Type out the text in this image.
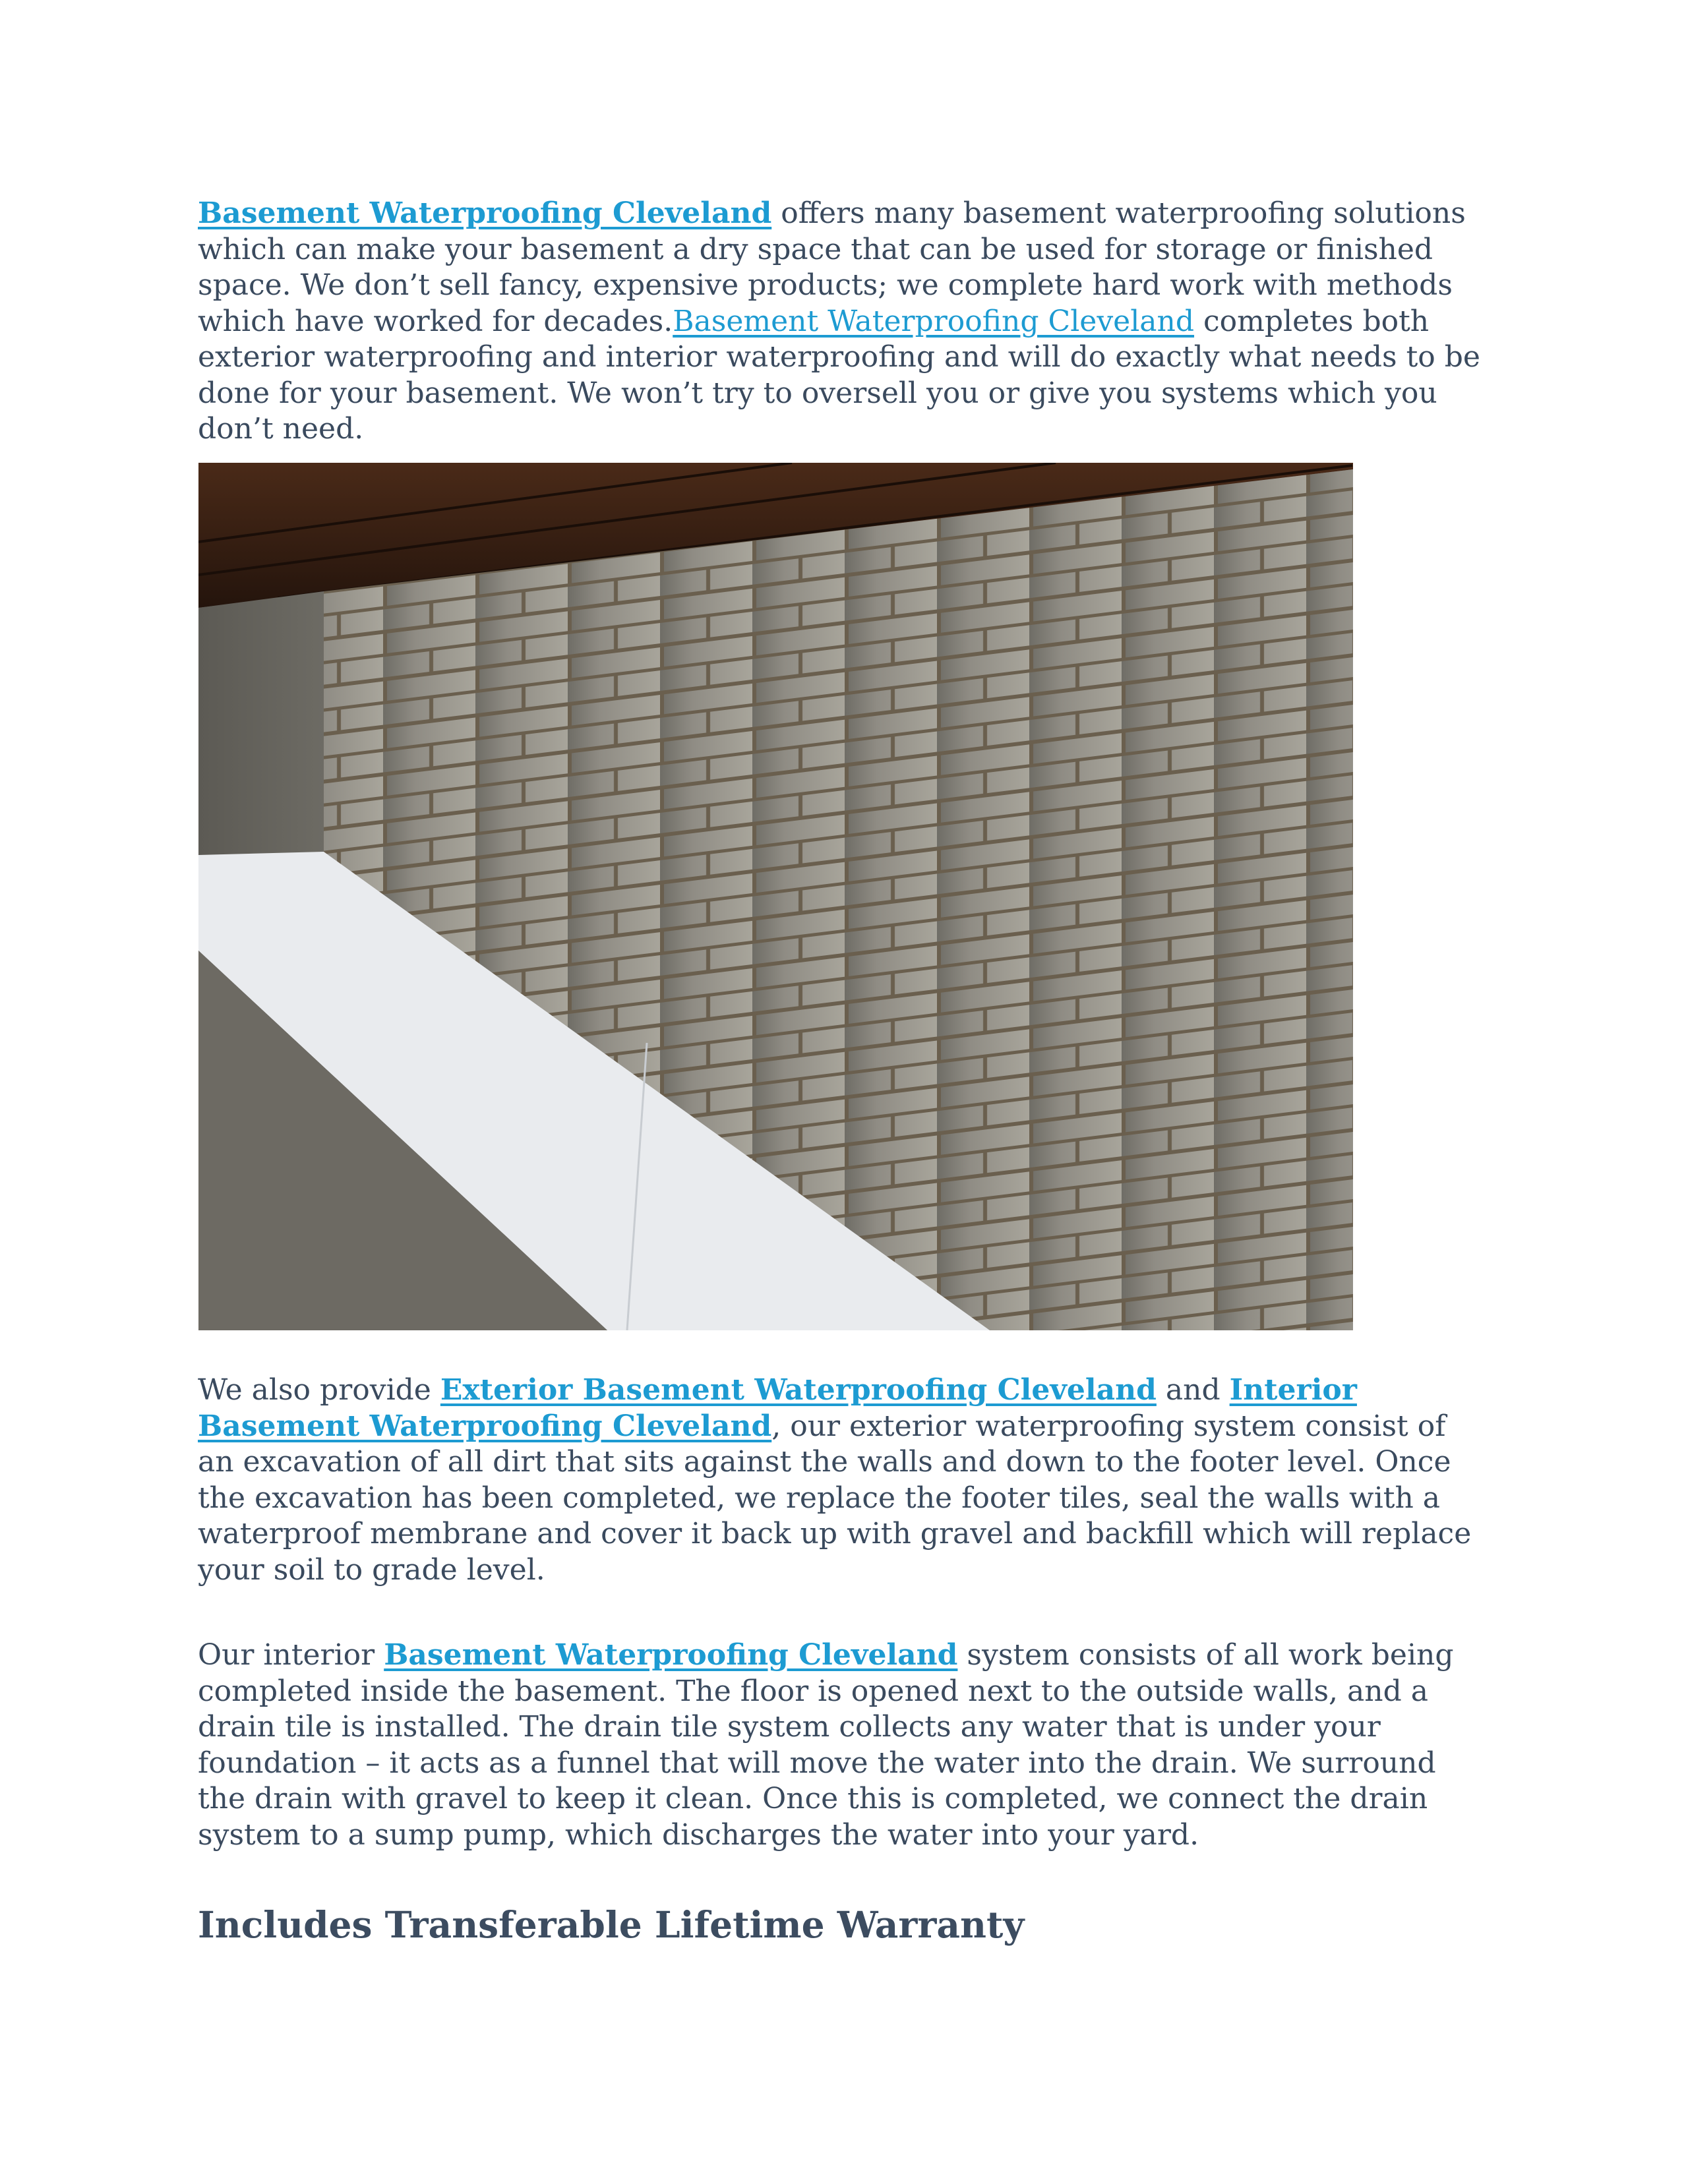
Basement Waterproofing Cleveland offers many basement waterproofing solutions which can make your basement a dry space that can be used for storage or finished space. We don’t sell fancy, expensive products; we complete hard work with methods which have worked for decades.Basement Waterproofing Cleveland completes both exterior waterproofing and interior waterproofing and will do exactly what needs to be done for your basement. We won’t try to oversell you or give you systems which you don’t need.

We also provide Exterior Basement Waterproofing Cleveland and Interior Basement Waterproofing Cleveland, our exterior waterproofing system consist of an excavation of all dirt that sits against the walls and down to the footer level. Once the excavation has been completed, we replace the footer tiles, seal the walls with a waterproof membrane and cover it back up with gravel and backfill which will replace your soil to grade level.

Our interior Basement Waterproofing Cleveland system consists of all work being completed inside the basement. The floor is opened next to the outside walls, and a drain tile is installed. The drain tile system collects any water that is under your foundation – it acts as a funnel that will move the water into the drain. We surround the drain with gravel to keep it clean. Once this is completed, we connect the drain system to a sump pump, which discharges the water into your yard.

Includes Transferable Lifetime Warranty
